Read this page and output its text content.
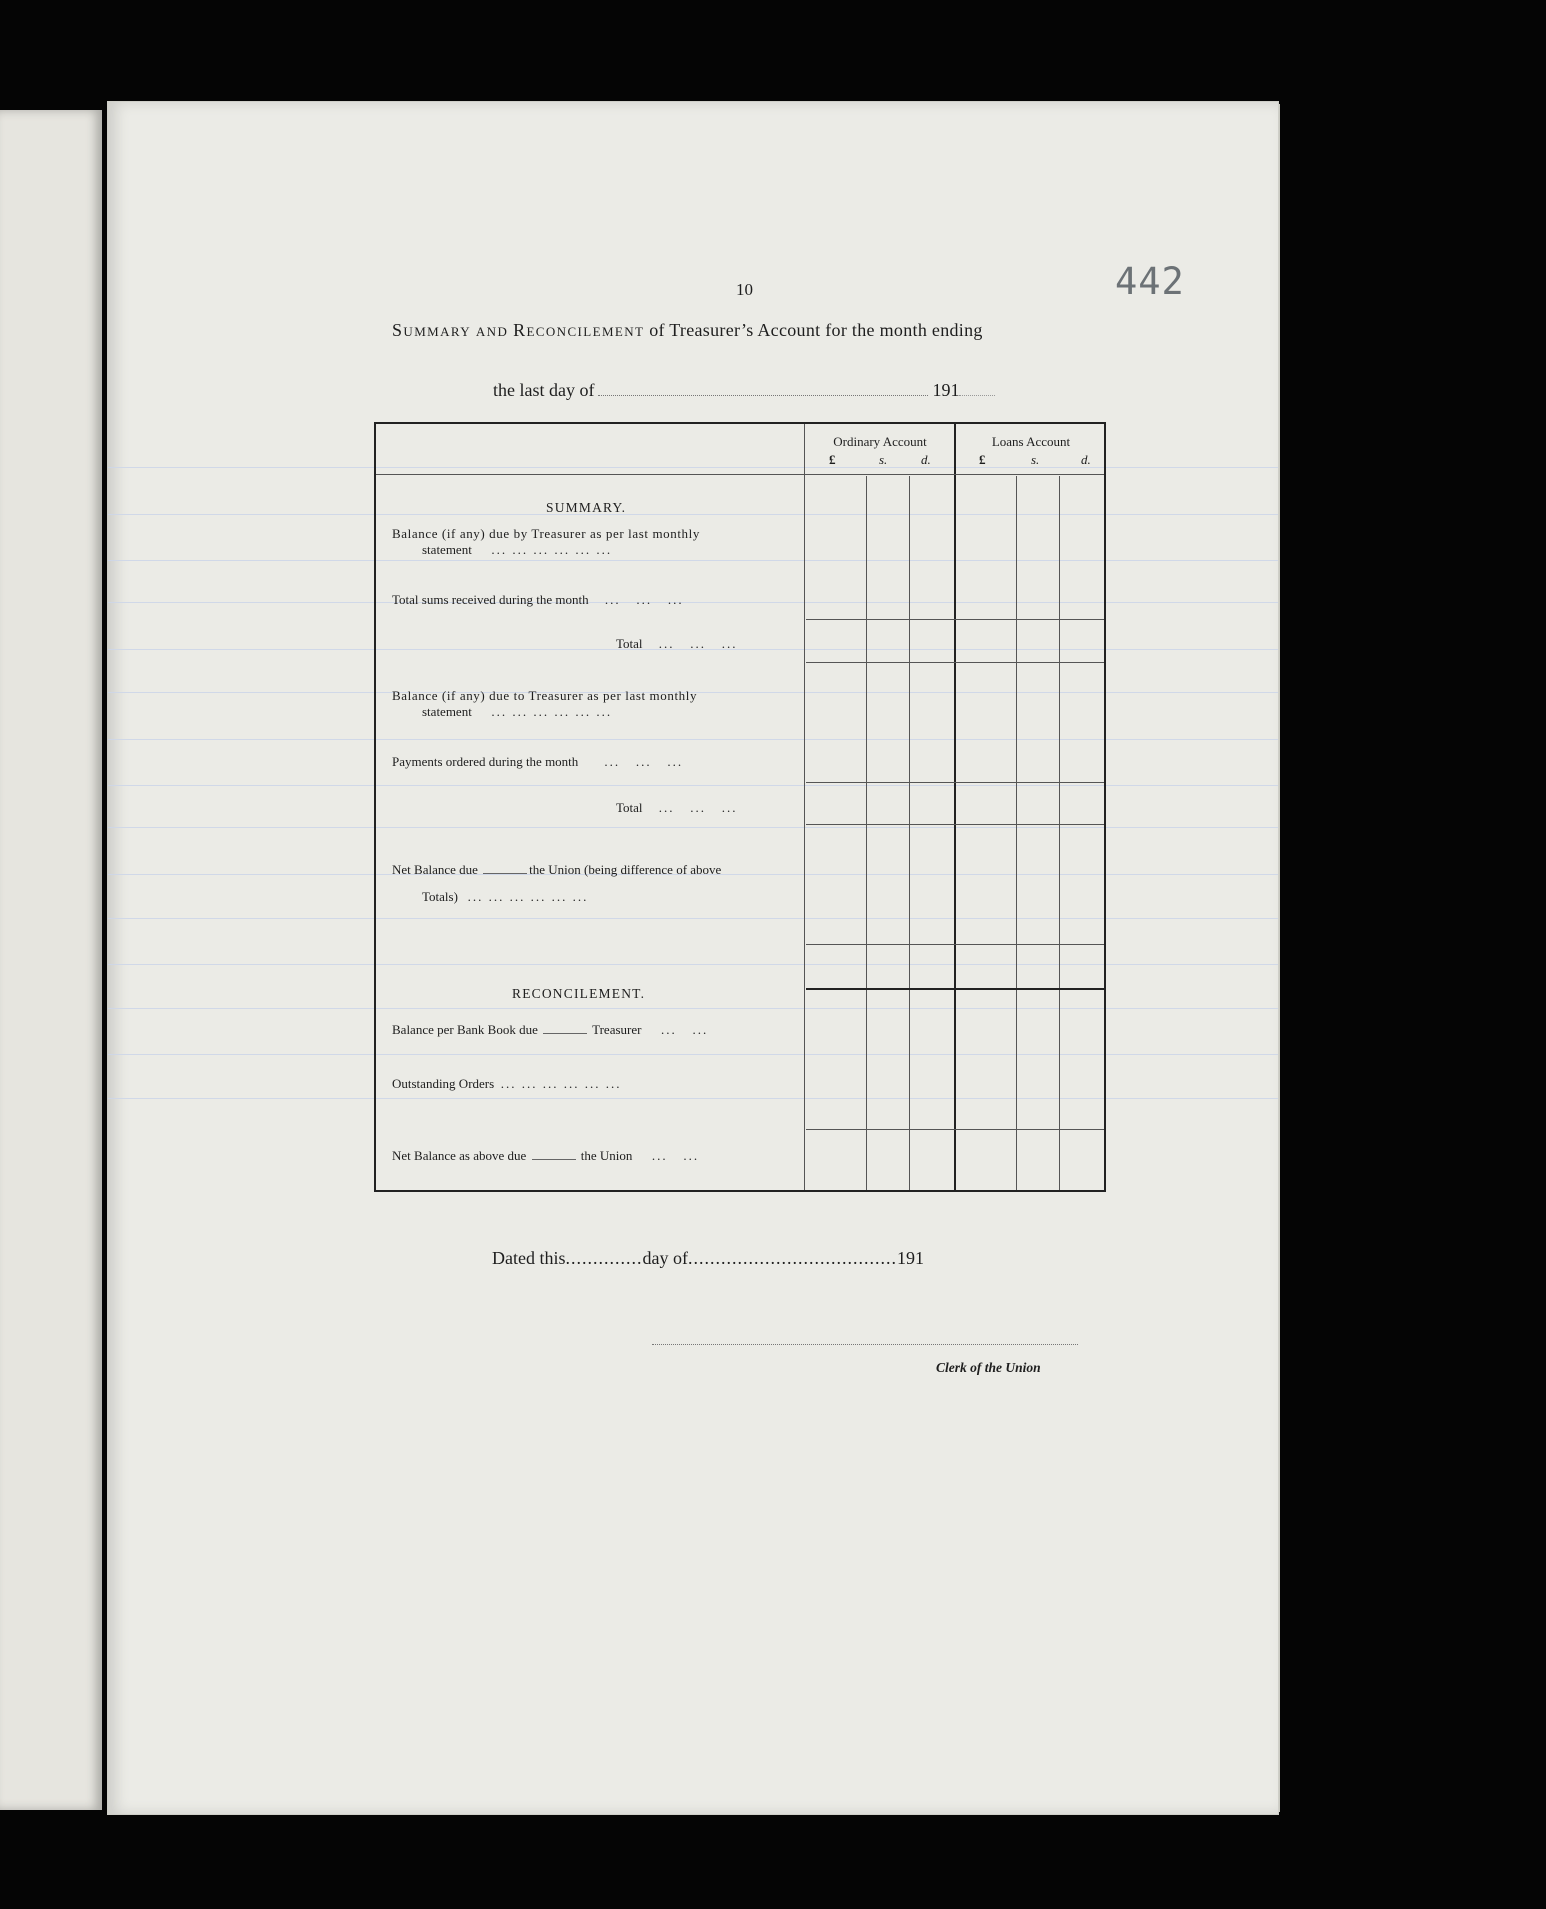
10	442
Summary and Reconcilement of Treasurer’s Account for the month ending
the last day of	191
Ordinary Account	Loans Account
£	s.	d.	£	s.	d.
SUMMARY.
Balance (if any) due by Treasurer as per last monthly
statement ... ... ... ... ... ...
Total sums received during the month ...   ...   ...
Total ...   ...   ...
Balance (if any) due to Treasurer as per last monthly
statement ... ... ... ... ... ...
Payments ordered during the month ...   ...   ...
Total ...   ...   ...
Net Balance due	the Union (being difference of above
Totals) ... ... ... ... ... ...
RECONCILEMENT.
Balance per Bank Book due	Treasurer ...   ...
Outstanding Orders ... ... ... ... ... ...
Net Balance as above due	the Union ...   ...
Dated this..............day of......................................191
Clerk of the Union
